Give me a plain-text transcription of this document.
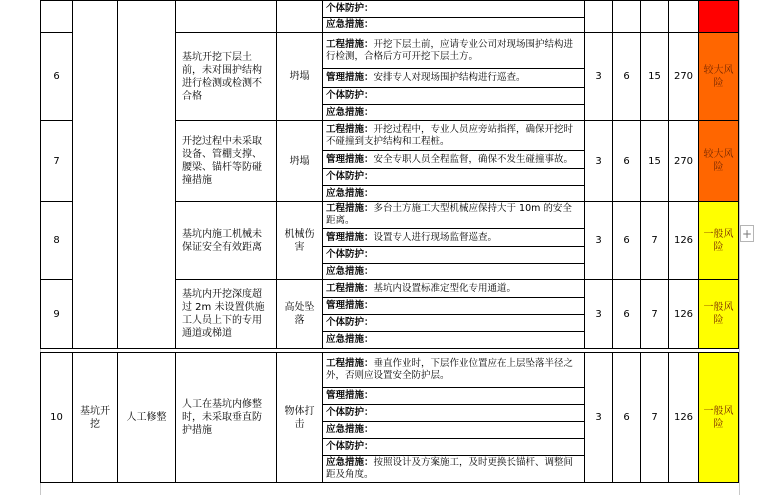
					个体防护：					
					应急措施：					
6			基坑开挖下层土前，未对围护结构进行检测或检测不合格	坍塌	工程措施：开挖下层土前，应请专业公司对现场围护结构进行检测，合格后方可开挖下层土方。	3	6	15	270	较大风险
					管理措施：安排专人对现场围护结构进行巡查。					
					个体防护：					
					应急措施：					
7			开挖过程中未采取设备、管棚支撑、腰梁、锚杆等防碰撞措施	坍塌	工程措施：开挖过程中，专业人员应旁站指挥，确保开挖时不碰撞到支护结构和工程桩。	3	6	15	270	较大风险
					管理措施：安全专职人员全程监督，确保不发生碰撞事故。					
					个体防护：					
					应急措施：					
8			基坑内施工机械未保证安全有效距离	机械伤害	工程措施：多台土方施工大型机械应保持大于 10m 的安全距离。	3	6	7	126	一般风险
					管理措施：设置专人进行现场监督巡查。					
					个体防护：					
					应急措施：					
9			基坑内开挖深度超过 2m 未设置供施工人员上下的专用通道或梯道	高处坠落	工程措施：基坑内设置标准定型化专用通道。	3	6	7	126	一般风险
					管理措施：					
					个体防护：					
					应急措施：					
10	基坑开挖	人工修整	人工在基坑内修整时，未采取垂直防护措施	物体打击	工程措施：垂直作业时，下层作业位置应在上层坠落半径之外，否则应设置安全防护层。	3	6	7	126	一般风险
管理措施：
个体防护：
应急措施：
个体防护：
应急措施：按照设计及方案施工，及时更换长锚杆、调整间距及角度。
+
